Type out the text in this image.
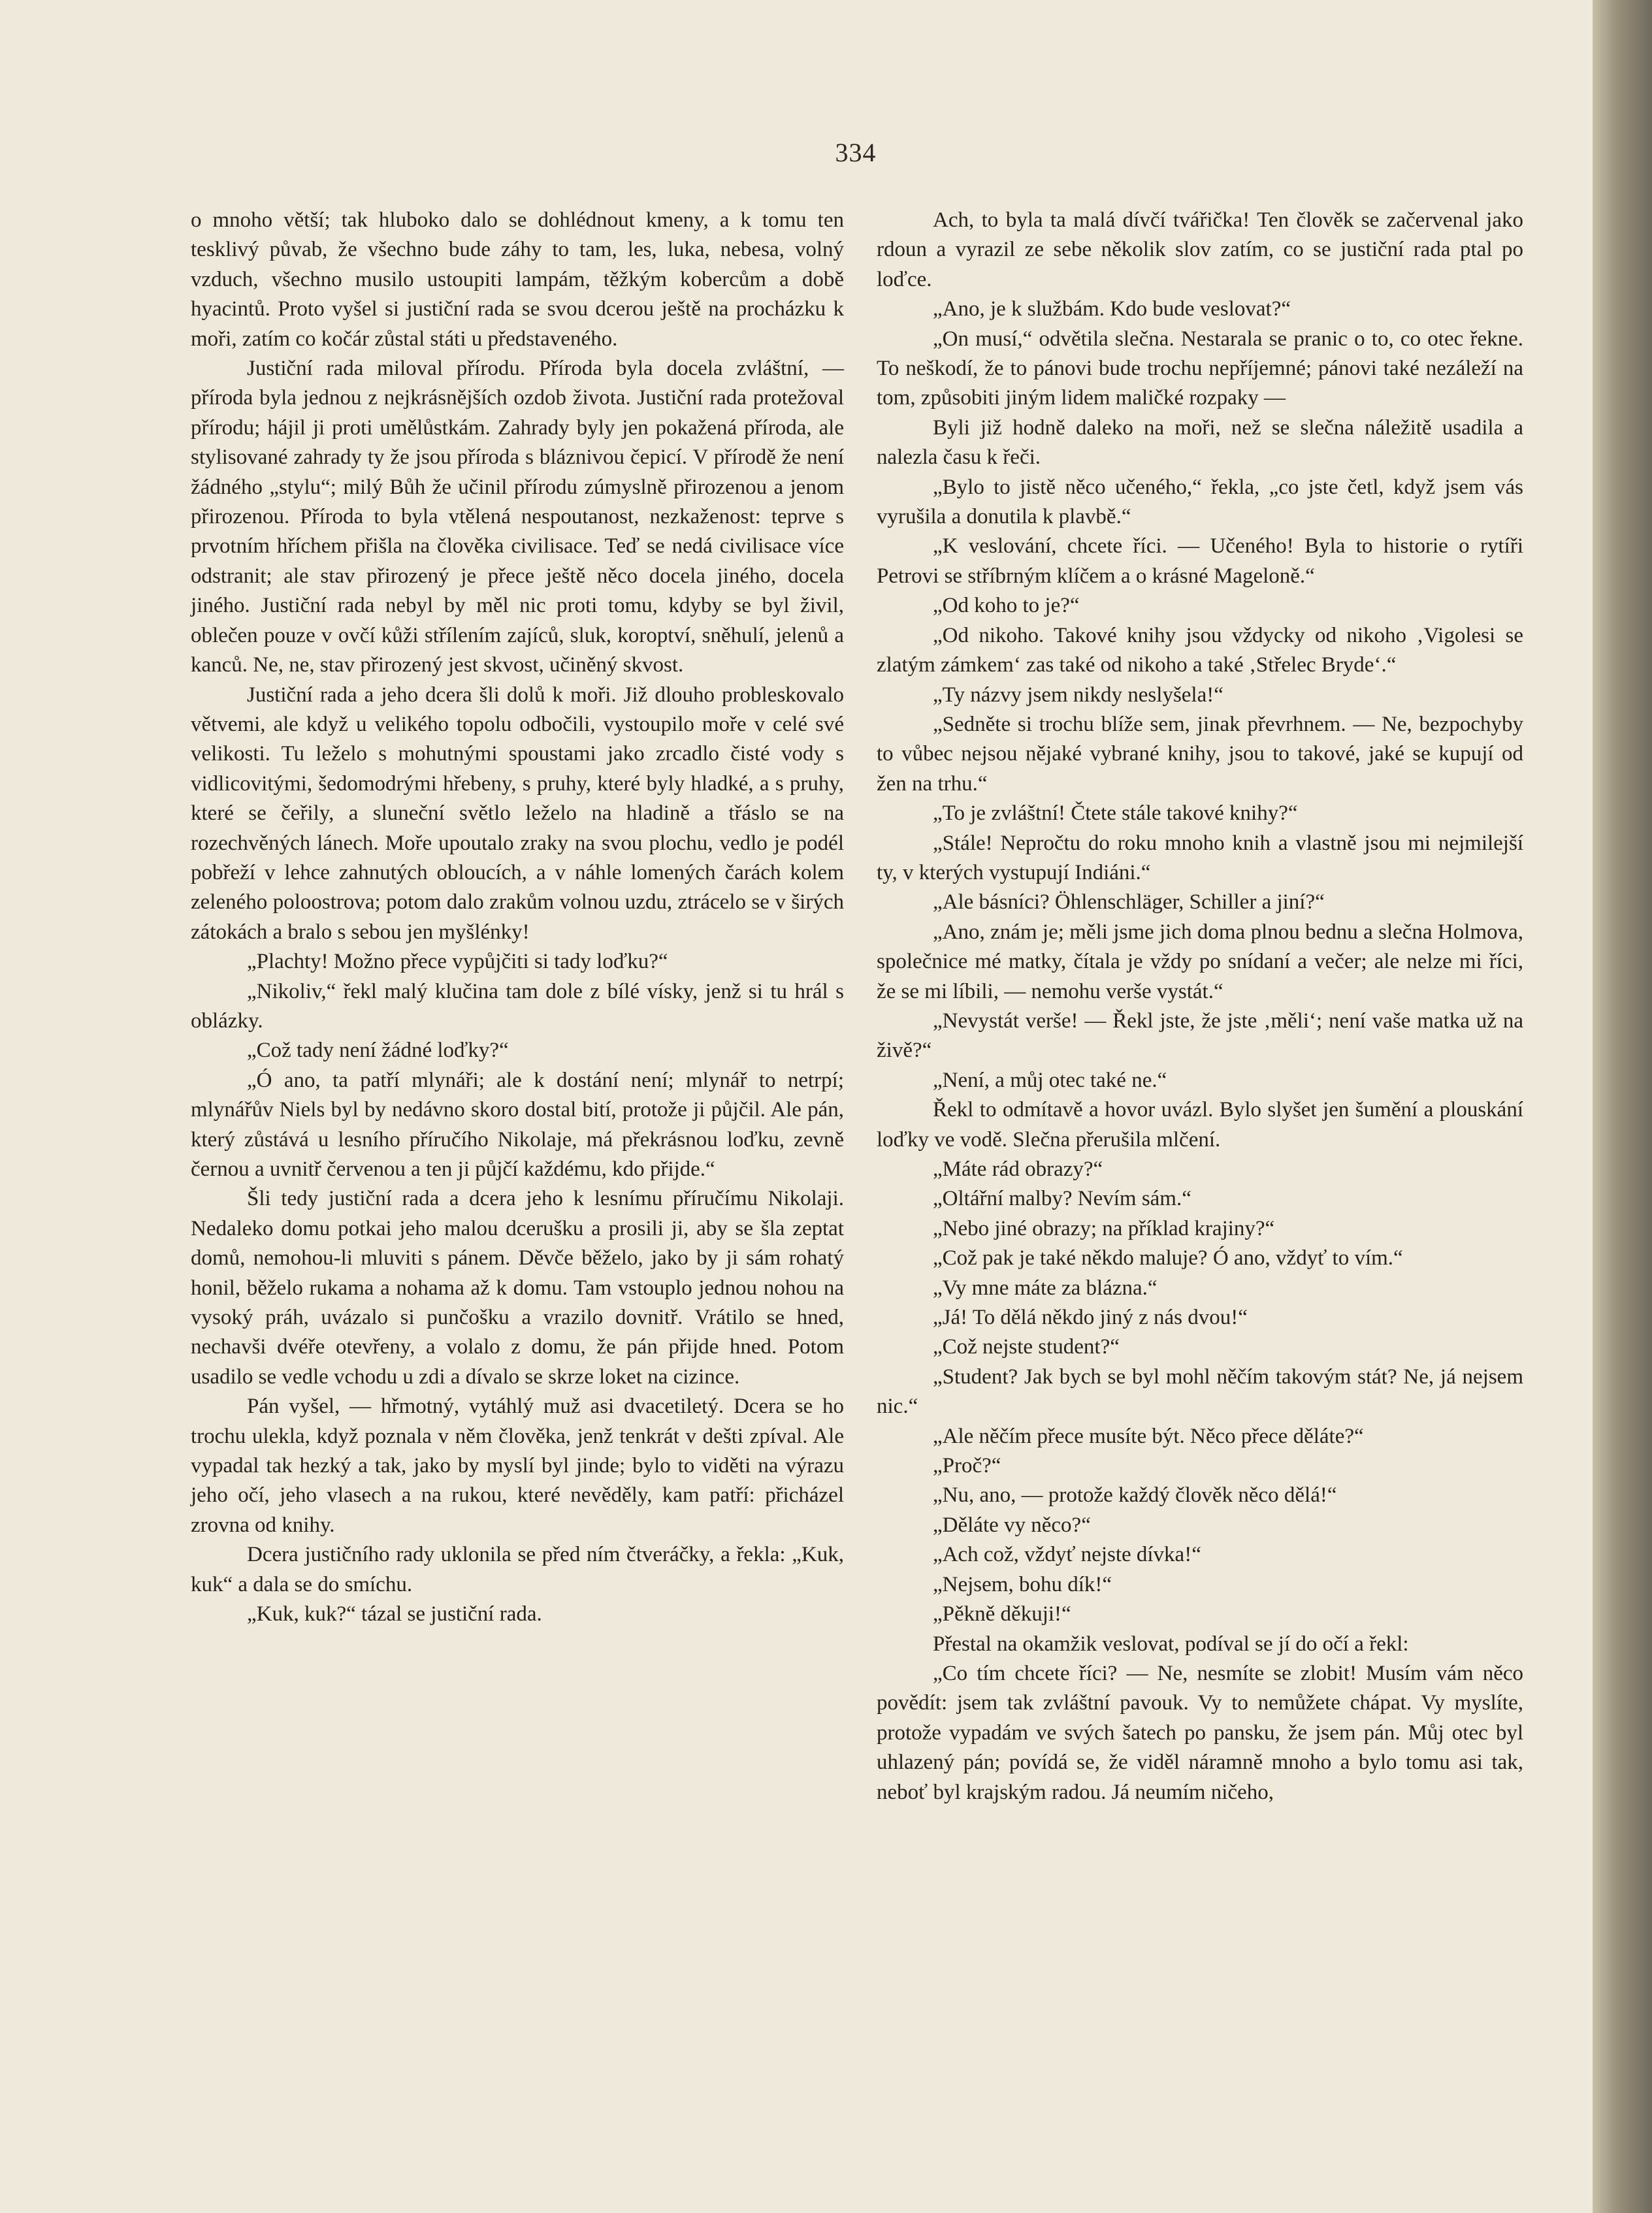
334

o mnoho větší; tak hluboko dalo se dohlédnout kmeny, a k tomu ten tesklivý půvab, že všechno bude záhy to tam, les, luka, nebesa, volný vzduch, všechno musilo ustoupiti lampám, těžkým kobercům a době hyacintů. Proto vyšel si justiční rada se svou dcerou ještě na procházku k moři, zatím co kočár zůstal státi u představeného.

Justiční rada miloval přírodu. Příroda byla docela zvláštní, — příroda byla jednou z nejkrásnějších ozdob života. Justiční rada protežoval přírodu; hájil ji proti umělůstkám. Zahrady byly jen pokažená příroda, ale stylisované zahrady ty že jsou příroda s bláznivou čepicí. V přírodě že není žádného „stylu“; milý Bůh že učinil přírodu zúmyslně přirozenou a jenom přirozenou. Příroda to byla vtělená nespoutanost, nezkaženost: teprve s prvotním hříchem přišla na člověka civilisace. Teď se nedá civilisace více odstranit; ale stav přirozený je přece ještě něco docela jiného, docela jiného. Justiční rada nebyl by měl nic proti tomu, kdyby se byl živil, oblečen pouze v ovčí kůži střílením zajíců, sluk, koroptví, sněhulí, jelenů a kanců. Ne, ne, stav přirozený jest skvost, učiněný skvost.

Justiční rada a jeho dcera šli dolů k moři. Již dlouho probleskovalo větvemi, ale když u velikého topolu odbočili, vystoupilo moře v celé své velikosti. Tu leželo s mohutnými spoustami jako zrcadlo čisté vody s vidlicovitými, šedomodrými hřebeny, s pruhy, které byly hladké, a s pruhy, které se čeřily, a sluneční světlo leželo na hladině a třáslo se na rozechvěných lánech. Moře upoutalo zraky na svou plochu, vedlo je podél pobřeží v lehce zahnutých obloucích, a v náhle lomených čarách kolem zeleného poloostrova; potom dalo zrakům volnou uzdu, ztrácelo se v širých zátokách a bralo s sebou jen myšlénky!

„Plachty! Možno přece vypůjčiti si tady loďku?“

„Nikoliv,“ řekl malý klučina tam dole z bílé vísky, jenž si tu hrál s oblázky.

„Což tady není žádné loďky?“

„Ó ano, ta patří mlynáři; ale k dostání není; mlynář to netrpí; mlynářův Niels byl by nedávno skoro dostal bití, protože ji půjčil. Ale pán, který zůstává u lesního příručího Nikolaje, má překrásnou loďku, zevně černou a uvnitř červenou a ten ji půjčí každému, kdo přijde.“

Šli tedy justiční rada a dcera jeho k lesnímu příručímu Nikolaji. Nedaleko domu potkai jeho malou dcerušku a prosili ji, aby se šla zeptat domů, nemohou-li mluviti s pánem. Děvče běželo, jako by ji sám rohatý honil, běželo rukama a nohama až k domu. Tam vstouplo jednou nohou na vysoký práh, uvázalo si punčošku a vrazilo dovnitř. Vrátilo se hned, nechavši dvéře otevřeny, a volalo z domu, že pán přijde hned. Potom usadilo se vedle vchodu u zdi a dívalo se skrze loket na cizince.

Pán vyšel, — hřmotný, vytáhlý muž asi dvacetiletý. Dcera se ho trochu ulekla, když poznala v něm člověka, jenž tenkrát v dešti zpíval. Ale vypadal tak hezký a tak, jako by myslí byl jinde; bylo to viděti na výrazu jeho očí, jeho vlasech a na rukou, které nevěděly, kam patří: přicházel zrovna od knihy.

Dcera justičního rady uklonila se před ním čtveráčky, a řekla: „Kuk, kuk“ a dala se do smíchu.

„Kuk, kuk?“ tázal se justiční rada.

Ach, to byla ta malá dívčí tvářička! Ten člověk se začervenal jako rdoun a vyrazil ze sebe několik slov zatím, co se justiční rada ptal po loďce.

„Ano, je k službám. Kdo bude veslovat?“

„On musí,“ odvětila slečna. Nestarala se pranic o to, co otec řekne. To neškodí, že to pánovi bude trochu nepříjemné; pánovi také nezáleží na tom, způsobiti jiným lidem maličké rozpaky —

Byli již hodně daleko na moři, než se slečna náležitě usadila a nalezla času k řeči.

„Bylo to jistě něco učeného,“ řekla, „co jste četl, když jsem vás vyrušila a donutila k plavbě.“

„K veslování, chcete říci. — Učeného! Byla to historie o rytíři Petrovi se stříbrným klíčem a o krásné Mageloně.“

„Od koho to je?“

„Od nikoho. Takové knihy jsou vždycky od nikoho ‚Vigolesi se zlatým zámkem‘ zas také od nikoho a také ‚Střelec Bryde‘.“

„Ty názvy jsem nikdy neslyšela!“

„Sedněte si trochu blíže sem, jinak převrhnem. — Ne, bezpochyby to vůbec nejsou nějaké vybrané knihy, jsou to takové, jaké se kupují od žen na trhu.“

„To je zvláštní! Čtete stále takové knihy?“

„Stále! Nepročtu do roku mnoho knih a vlastně jsou mi nejmilejší ty, v kterých vystupují Indiáni.“

„Ale básníci? Öhlenschläger, Schiller a jiní?“

„Ano, znám je; měli jsme jich doma plnou bednu a slečna Holmova, společnice mé matky, čítala je vždy po snídaní a večer; ale nelze mi říci, že se mi líbili, — nemohu verše vystát.“

„Nevystát verše! — Řekl jste, že jste ‚měli‘; není vaše matka už na živě?“

„Není, a můj otec také ne.“

Řekl to odmítavě a hovor uvázl. Bylo slyšet jen šumění a plouskání loďky ve vodě. Slečna přerušila mlčení.

„Máte rád obrazy?“

„Oltářní malby? Nevím sám.“

„Nebo jiné obrazy; na příklad krajiny?“

„Což pak je také někdo maluje? Ó ano, vždyť to vím.“

„Vy mne máte za blázna.“

„Já! To dělá někdo jiný z nás dvou!“

„Což nejste student?“

„Student? Jak bych se byl mohl něčím takovým stát? Ne, já nejsem nic.“

„Ale něčím přece musíte být. Něco přece děláte?“

„Proč?“

„Nu, ano, — protože každý člověk něco dělá!“

„Děláte vy něco?“

„Ach což, vždyť nejste dívka!“

„Nejsem, bohu dík!“

„Pěkně děkuji!“

Přestal na okamžik veslovat, podíval se jí do očí a řekl:

„Co tím chcete říci? — Ne, nesmíte se zlobit! Musím vám něco povědít: jsem tak zvláštní pavouk. Vy to nemůžete chápat. Vy myslíte, protože vypadám ve svých šatech po pansku, že jsem pán. Můj otec byl uhlazený pán; povídá se, že viděl náramně mnoho a bylo tomu asi tak, neboť byl krajským radou. Já neumím ničeho,
